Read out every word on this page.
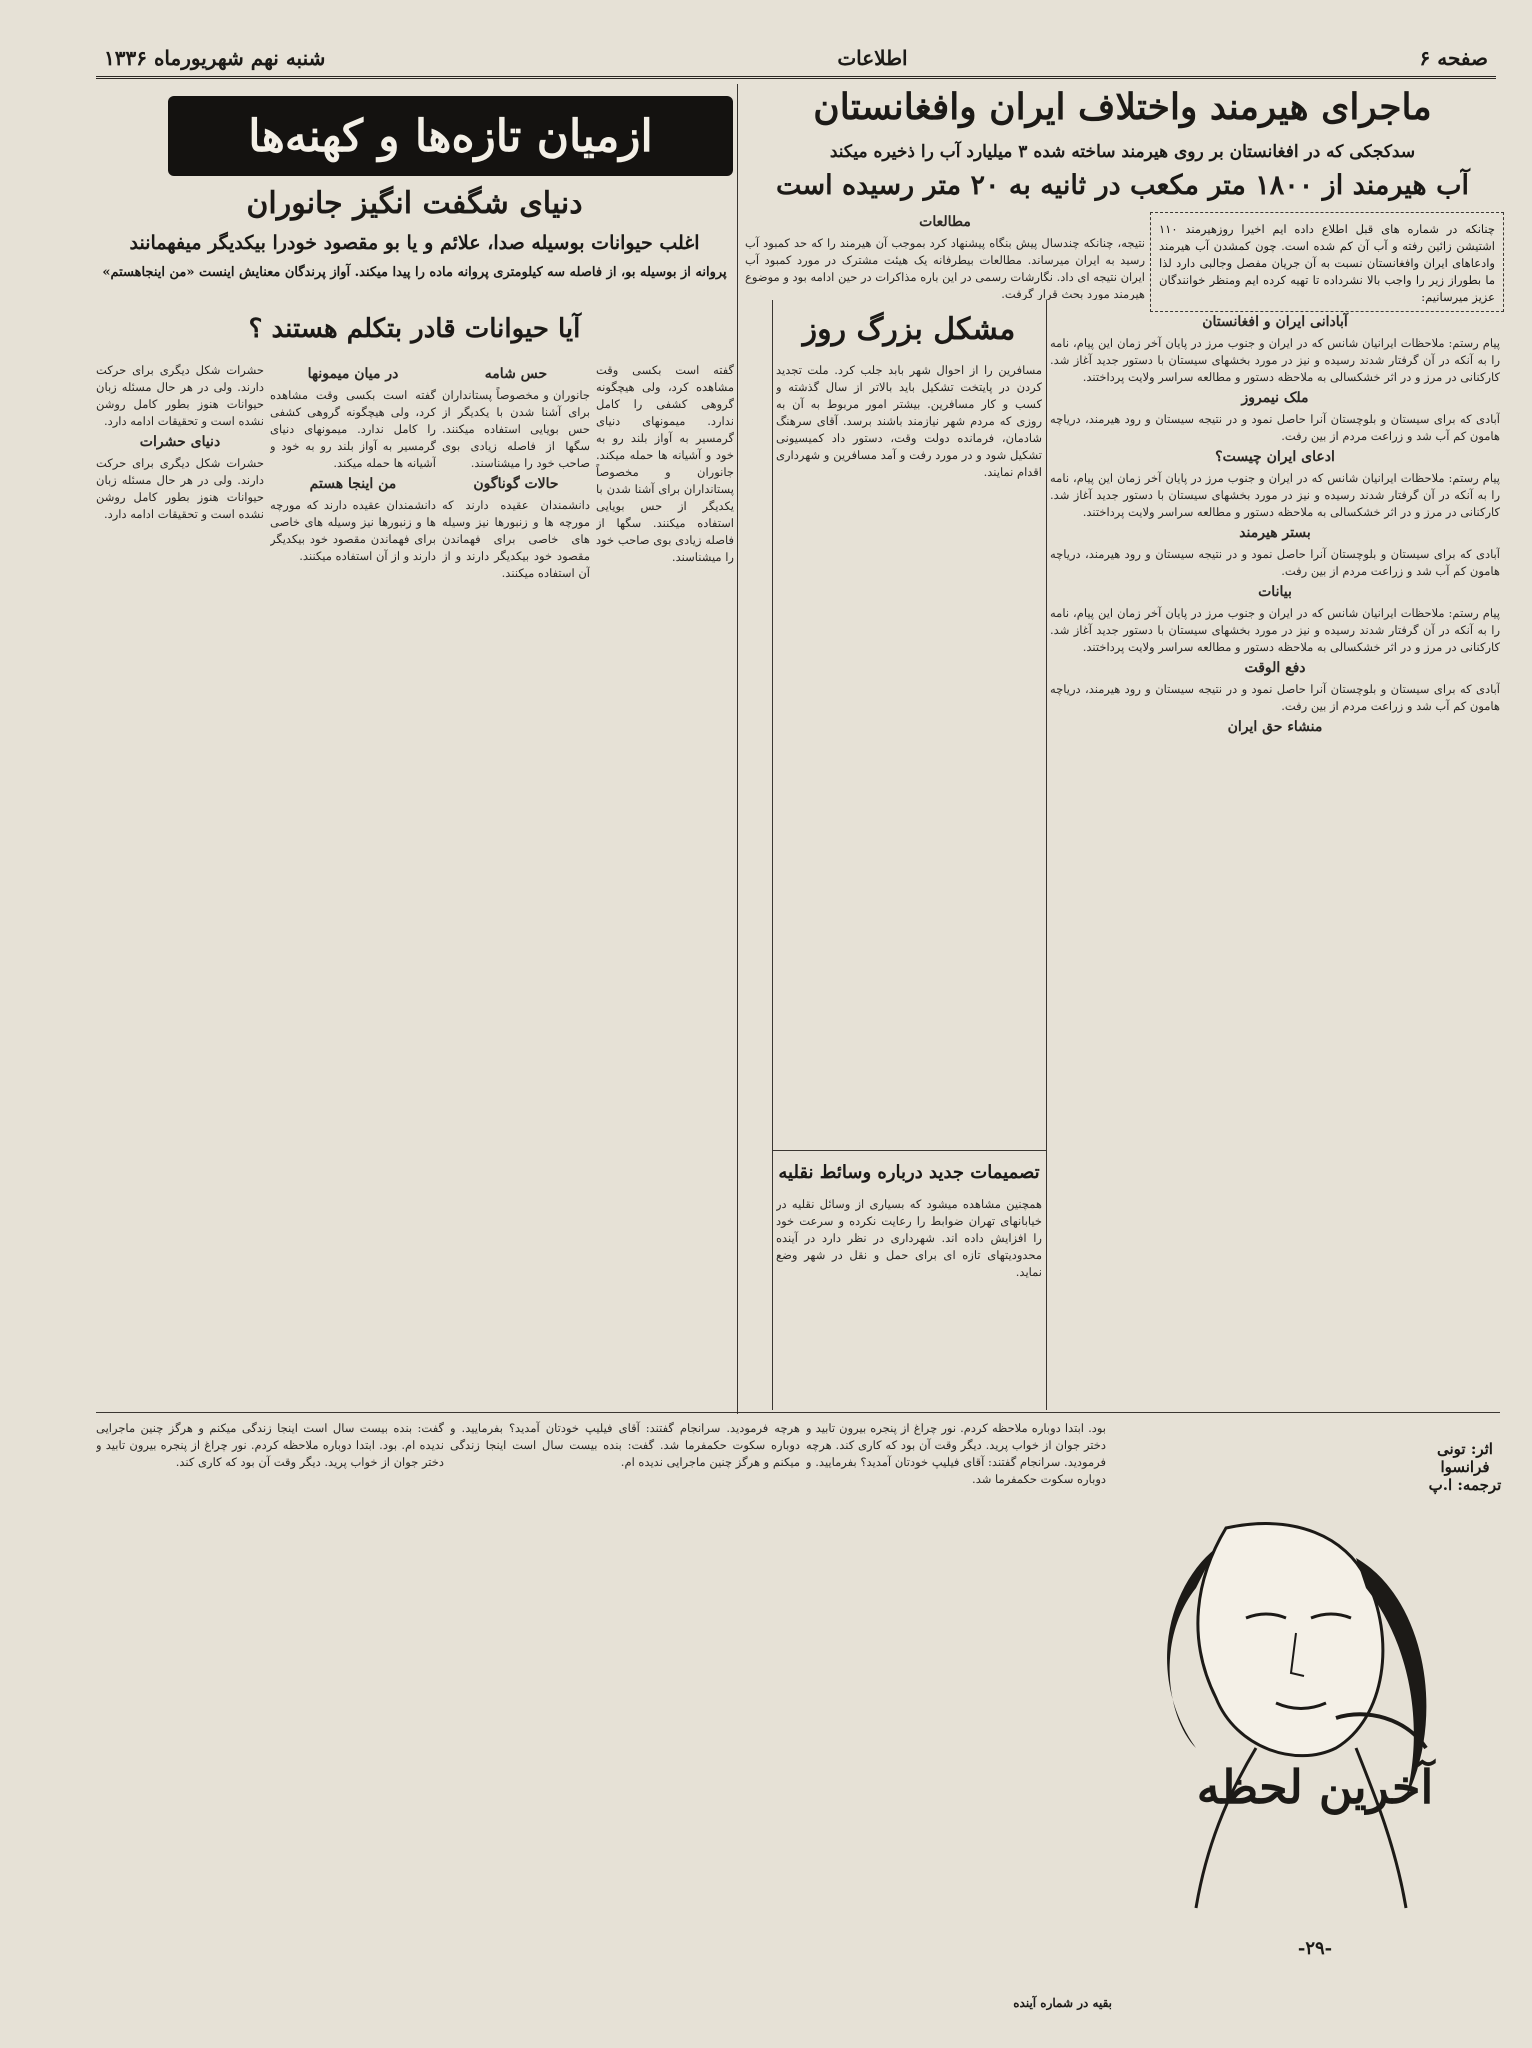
صفحه ۶
اطلاعات
شنبه نهم شهریورماه ۱۳۳۶
ماجرای هیرمند واختلاف ایران وافغانستان
سدکجکی که در افغانستان بر روی هیرمند ساخته شده ۳ میلیارد آب را ذخیره میکند
آب هیرمند از ۱۸۰۰ متر مکعب در ثانیه به ۲۰ متر رسیده است
چنانکه در شماره های قبل اطلاع داده ایم اخیرا روزهیرمند ۱۱۰ اشتیشن زائین رفته و آب آن کم شده است. چون کمشدن آب هیرمند وادعاهای ایران وافغانستان نسبت به آن جریان مفصل وجالبی دارد لذا ما بطوراز زیر را واجب بالا نشرداده تا تهیه کرده ایم ومنظر خوانندگان عزیز میرسانیم:
مطالعات
نتیجه، چنانکه چندسال پیش بنگاه پیشنهاد کرد بموجب آن هیرمند را که حد کمبود آب رسید به ایران میرساند. مطالعات بیطرفانه یک هیئت مشترک در مورد کمبود آب ایران نتیجه ای داد. نگارشات رسمی در این باره مذاکرات در حین ادامه بود و موضوع هیرمند مورد بحث قرار گرفت.
آبادانی ایران و افغانستان
پیام رستم: ملاحظات ایرانیان شانس که در ایران و جنوب مرز در پایان آخر زمان این پیام، نامه را به آنکه در آن گرفتار شدند رسیده و نیز در مورد بخشهای سیستان با دستور جدید آغاز شد. کارکنانی در مرز و در اثر خشکسالی به ملاحظه دستور و مطالعه سراسر ولایت پرداختند.
ملک نیمروز
آبادی که برای سیستان و بلوچستان آنرا حاصل نمود و در نتیجه سیستان و رود هیرمند، دریاچه هامون کم آب شد و زراعت مردم از بین رفت.
ادعای ایران چیست؟
پیام رستم: ملاحظات ایرانیان شانس که در ایران و جنوب مرز در پایان آخر زمان این پیام، نامه را به آنکه در آن گرفتار شدند رسیده و نیز در مورد بخشهای سیستان با دستور جدید آغاز شد. کارکنانی در مرز و در اثر خشکسالی به ملاحظه دستور و مطالعه سراسر ولایت پرداختند.
بستر هیرمند
آبادی که برای سیستان و بلوچستان آنرا حاصل نمود و در نتیجه سیستان و رود هیرمند، دریاچه هامون کم آب شد و زراعت مردم از بین رفت.
بیانات
پیام رستم: ملاحظات ایرانیان شانس که در ایران و جنوب مرز در پایان آخر زمان این پیام، نامه را به آنکه در آن گرفتار شدند رسیده و نیز در مورد بخشهای سیستان با دستور جدید آغاز شد. کارکنانی در مرز و در اثر خشکسالی به ملاحظه دستور و مطالعه سراسر ولایت پرداختند.
دفع الوقت
آبادی که برای سیستان و بلوچستان آنرا حاصل نمود و در نتیجه سیستان و رود هیرمند، دریاچه هامون کم آب شد و زراعت مردم از بین رفت.
منشاء حق ایران
مشکل بزرگ روز
مسافرین را از احوال شهر بابد جلب کرد. ملت تجدید کردن در پایتخت تشکیل باید بالاتر از سال گذشته و کسب و کار مسافرین. بیشتر امور مربوط به آن به روزی که مردم شهر نیازمند باشند برسد. آقای سرهنگ شادمان، فرمانده دولت وقت، دستور داد کمیسیونی تشکیل شود و در مورد رفت و آمد مسافرین و شهرداری اقدام نمایند.
تصمیمات جدید درباره وسائط نقلیه
همچنین مشاهده میشود که بسیاری از وسائل نقلیه در خیابانهای تهران ضوابط را رعایت نکرده و سرعت خود را افزایش داده اند. شهرداری در نظر دارد در آینده محدودیتهای تازه ای برای حمل و نقل در شهر وضع نماید.
ازمیان تازه‌ها و کهنه‌ها
دنیای شگفت انگیز جانوران
اغلب حیوانات بوسیله صدا، علائم و یا بو مقصود خودرا بیکدیگر میفهمانند
پروانه از بوسیله بو، از فاصله سه کیلومتری پروانه ماده را پیدا میکند. آواز پرندگان معنایش اینست «من اینجاهستم»
آیا حیوانات قادر بتکلم هستند ؟
گفته است بکسی وقت مشاهده کرد، ولی هیچگونه گروهی کشفی را کامل ندارد. میمونهای دنیای گرمسیر به آواز بلند رو به خود و آشیانه ها حمله میکند. جانوران و مخصوصاً پستانداران برای آشنا شدن با یکدیگر از حس بویایی استفاده میکنند. سگها از فاصله زیادی بوی صاحب خود را میشناسند.
حس شامه
جانوران و مخصوصاً پستانداران برای آشنا شدن با یکدیگر از حس بویایی استفاده میکنند. سگها از فاصله زیادی بوی صاحب خود را میشناسند.
حالات گوناگون
دانشمندان عقیده دارند که مورچه ها و زنبورها نیز وسیله های خاصی برای فهماندن مقصود خود بیکدیگر دارند و از آن استفاده میکنند.
در میان میمونها
گفته است بکسی وقت مشاهده کرد، ولی هیچگونه گروهی کشفی را کامل ندارد. میمونهای دنیای گرمسیر به آواز بلند رو به خود و آشیانه ها حمله میکند.
من اینجا هستم
دانشمندان عقیده دارند که مورچه ها و زنبورها نیز وسیله های خاصی برای فهماندن مقصود خود بیکدیگر دارند و از آن استفاده میکنند.
حشرات شکل دیگری برای حرکت دارند. ولی در هر حال مسئله زبان حیوانات هنوز بطور کامل روشن نشده است و تحقیقات ادامه دارد.
دنیای حشرات
حشرات شکل دیگری برای حرکت دارند. ولی در هر حال مسئله زبان حیوانات هنوز بطور کامل روشن نشده است و تحقیقات ادامه دارد.
بود. ابتدا دوباره ملاحظه کردم. نور چراغ از پنجره بیرون تابید و دختر جوان از خواب پرید. دیگر وقت آن بود که کاری کند. هرچه فرمودید. سرانجام گفتند: آقای فیلیپ خودتان آمدید؟ بفرمایید. و دوباره سکوت حکمفرما شد.
هرچه فرمودید. سرانجام گفتند: آقای فیلیپ خودتان آمدید؟ بفرمایید. و دوباره سکوت حکمفرما شد. گفت: بنده بیست سال است اینجا زندگی میکنم و هرگز چنین ماجرایی ندیده ام.
گفت: بنده بیست سال است اینجا زندگی میکنم و هرگز چنین ماجرایی ندیده ام. بود. ابتدا دوباره ملاحظه کردم. نور چراغ از پنجره بیرون تابید و دختر جوان از خواب پرید. دیگر وقت آن بود که کاری کند.
اثر: تونی فرانسوا ترجمه: ا.پ
آخرین لحظه
-۲۹-
بقیه در شماره آینده
